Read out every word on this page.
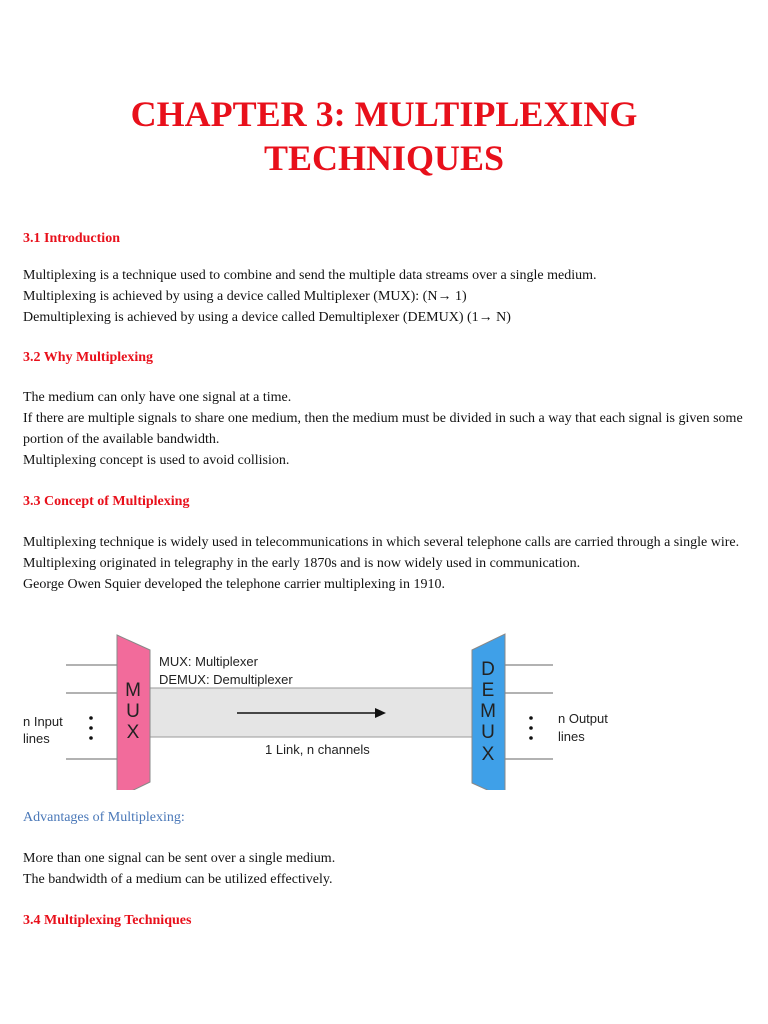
CHAPTER 3: MULTIPLEXING
TECHNIQUES
3.1 Introduction
Multiplexing is a technique used to combine and send the multiple data streams over a single medium.
Multiplexing is achieved by using a device called Multiplexer (MUX): (N→ 1)
Demultiplexing is achieved by using a device called Demultiplexer (DEMUX) (1→ N)
3.2 Why Multiplexing
The medium can only have one signal at a time.
If there are multiple signals to share one medium, then the medium must be divided in such a way that each signal is given some portion of the available bandwidth.
Multiplexing concept is used to avoid collision.
3.3 Concept of Multiplexing
Multiplexing technique is widely used in telecommunications in which several telephone calls are carried through a single wire.
Multiplexing originated in telegraphy in the early 1870s and is now widely used in communication.
George Owen Squier developed the telephone carrier multiplexing in 1910.
M
U
X
D
E
M
U
X
MUX: Multiplexer
DEMUX: Demultiplexer
1 Link, n channels
n Input
lines
n Output
lines
Advantages of Multiplexing:
More than one signal can be sent over a single medium.
The bandwidth of a medium can be utilized effectively.
3.4 Multiplexing Techniques
